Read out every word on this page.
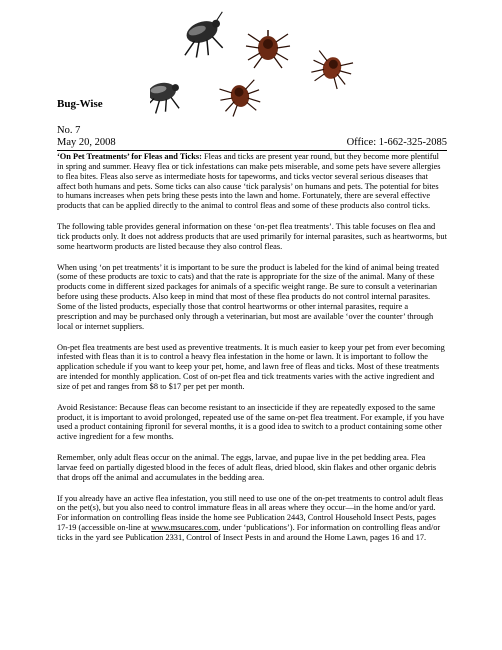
Bug-Wise
No. 7
May 20, 2008	Office: 1-662-325-2085

‘On Pet Treatments’ for Fleas and Ticks: Fleas and ticks are present year round, but they become more plentiful in spring and summer. Heavy flea or tick infestations can make pets miserable, and some pets have severe allergies to flea bites. Fleas also serve as intermediate hosts for tapeworms, and ticks vector several serious diseases that affect both humans and pets. Some ticks can also cause ‘tick paralysis’ on humans and pets. The potential for bites to humans increases when pets bring these pests into the lawn and home. Fortunately, there are several effective products that can be applied directly to the animal to control fleas and some of these products also control ticks.

The following table provides general information on these ‘on-pet flea treatments’. This table focuses on flea and tick products only. It does not address products that are used primarily for internal parasites, such as heartworms, but some heartworm products are listed because they also control fleas.

When using ‘on pet treatments’ it is important to be sure the product is labeled for the kind of animal being treated (some of these products are toxic to cats) and that the rate is appropriate for the size of the animal. Many of these products come in different sized packages for animals of a specific weight range. Be sure to consult a veterinarian before using these products. Also keep in mind that most of these flea products do not control internal parasites. Some of the listed products, especially those that control heartworms or other internal parasites, require a prescription and may be purchased only through a veterinarian, but most are available ‘over the counter’ through local or internet suppliers.

On-pet flea treatments are best used as preventive treatments. It is much easier to keep your pet from ever becoming infested with fleas than it is to control a heavy flea infestation in the home or lawn. It is important to follow the application schedule if you want to keep your pet, home, and lawn free of fleas and ticks. Most of these treatments are intended for monthly application. Cost of on-pet flea and tick treatments varies with the active ingredient and size of pet and ranges from $8 to $17 per pet per month.

Avoid Resistance: Because fleas can become resistant to an insecticide if they are repeatedly exposed to the same product, it is important to avoid prolonged, repeated use of the same on-pet flea treatment. For example, if you have used a product containing fipronil for several months, it is a good idea to switch to a product containing some other active ingredient for a few months.

Remember, only adult fleas occur on the animal. The eggs, larvae, and pupae live in the pet bedding area. Flea larvae feed on partially digested blood in the feces of adult fleas, dried blood, skin flakes and other organic debris that drops off the animal and accumulates in the bedding area.

If you already have an active flea infestation, you still need to use one of the on-pet treatments to control adult fleas on the pet(s), but you also need to control immature fleas in all areas where they occur—in the home and/or yard. For information on controlling fleas inside the home see Publication 2443, Control Household Insect Pests, pages 17-19 (accessible on-line at www.msucares.com, under ‘publications’). For information on controlling fleas and/or ticks in the yard see Publication 2331, Control of Insect Pests in and around the Home Lawn, pages 16 and 17.
